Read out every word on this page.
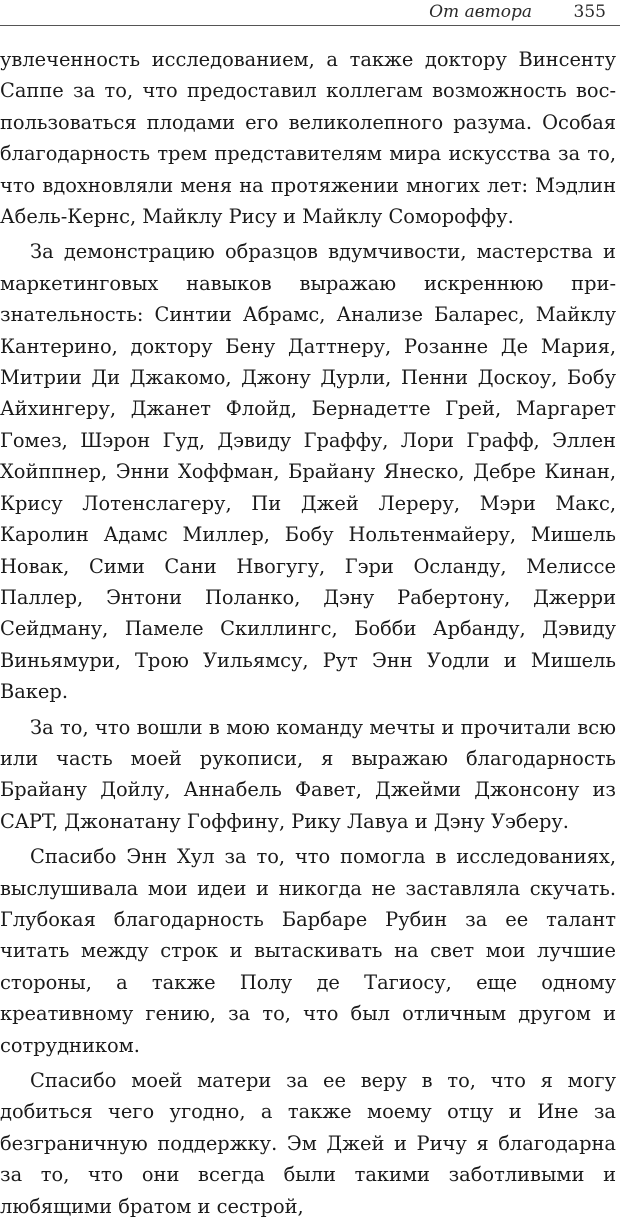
От автора 355

увлеченность исследованием, а также доктору Винсенту Саппе за то, что предоставил коллегам возможность воспользоваться плодами его великолепного разума. Особая благодарность трем представителям мира искусства за то, что вдохновляли меня на протяжении многих лет: Мэдлин Абель-Кернс, Майклу Рису и Майклу Сомороффу.

За демонстрацию образцов вдумчивости, мастерства и маркетинговых навыков выражаю искреннюю признательность: Синтии Абрамс, Анализе Баларес, Майклу Кантерино, доктору Бену Даттнеру, Розанне Де Мария, Митрии Ди Джакомо, Джону Дурли, Пенни Доскоу, Бобу Айхингеру, Джанет Флойд, Бернадетте Грей, Маргарет Гомез, Шэрон Гуд, Дэвиду Граффу, Лори Графф, Эллен Хойппнер, Энни Хоффман, Брайану Янеско, Дебре Кинан, Крису Лотенслагеру, Пи Джей Лереру, Мэри Макс, Каролин Адамс Миллер, Бобу Нольтенмайеру, Мишель Новак, Сими Сани Нвогугу, Гэри Осланду, Мелиссе Паллер, Энтони Поланко, Дэну Рабертону, Джерри Сейдману, Памеле Скиллингс, Бобби Арбанду, Дэвиду Виньямури, Трою Уильямсу, Рут Энн Уодли и Мишель Вакер.

За то, что вошли в мою команду мечты и прочитали всю или часть моей рукописи, я выражаю благодарность Брайану Дойлу, Аннабель Фавет, Джейми Джонсону из CAPT, Джонатану Гоффину, Рику Лавуа и Дэну Уэберу.

Спасибо Энн Хул за то, что помогла в исследованиях, выслушивала мои идеи и никогда не заставляла скучать. Глубокая благодарность Барбаре Рубин за ее талант читать между строк и вытаскивать на свет мои лучшие стороны, а также Полу де Тагиосу, еще одному креативному гению, за то, что был отличным другом и сотрудником.

Спасибо моей матери за ее веру в то, что я могу добиться чего угодно, а также моему отцу и Ине за безграничную поддержку. Эм Джей и Ричу я благодарна за то, что они всегда были такими заботливыми и любящими братом и сестрой,
